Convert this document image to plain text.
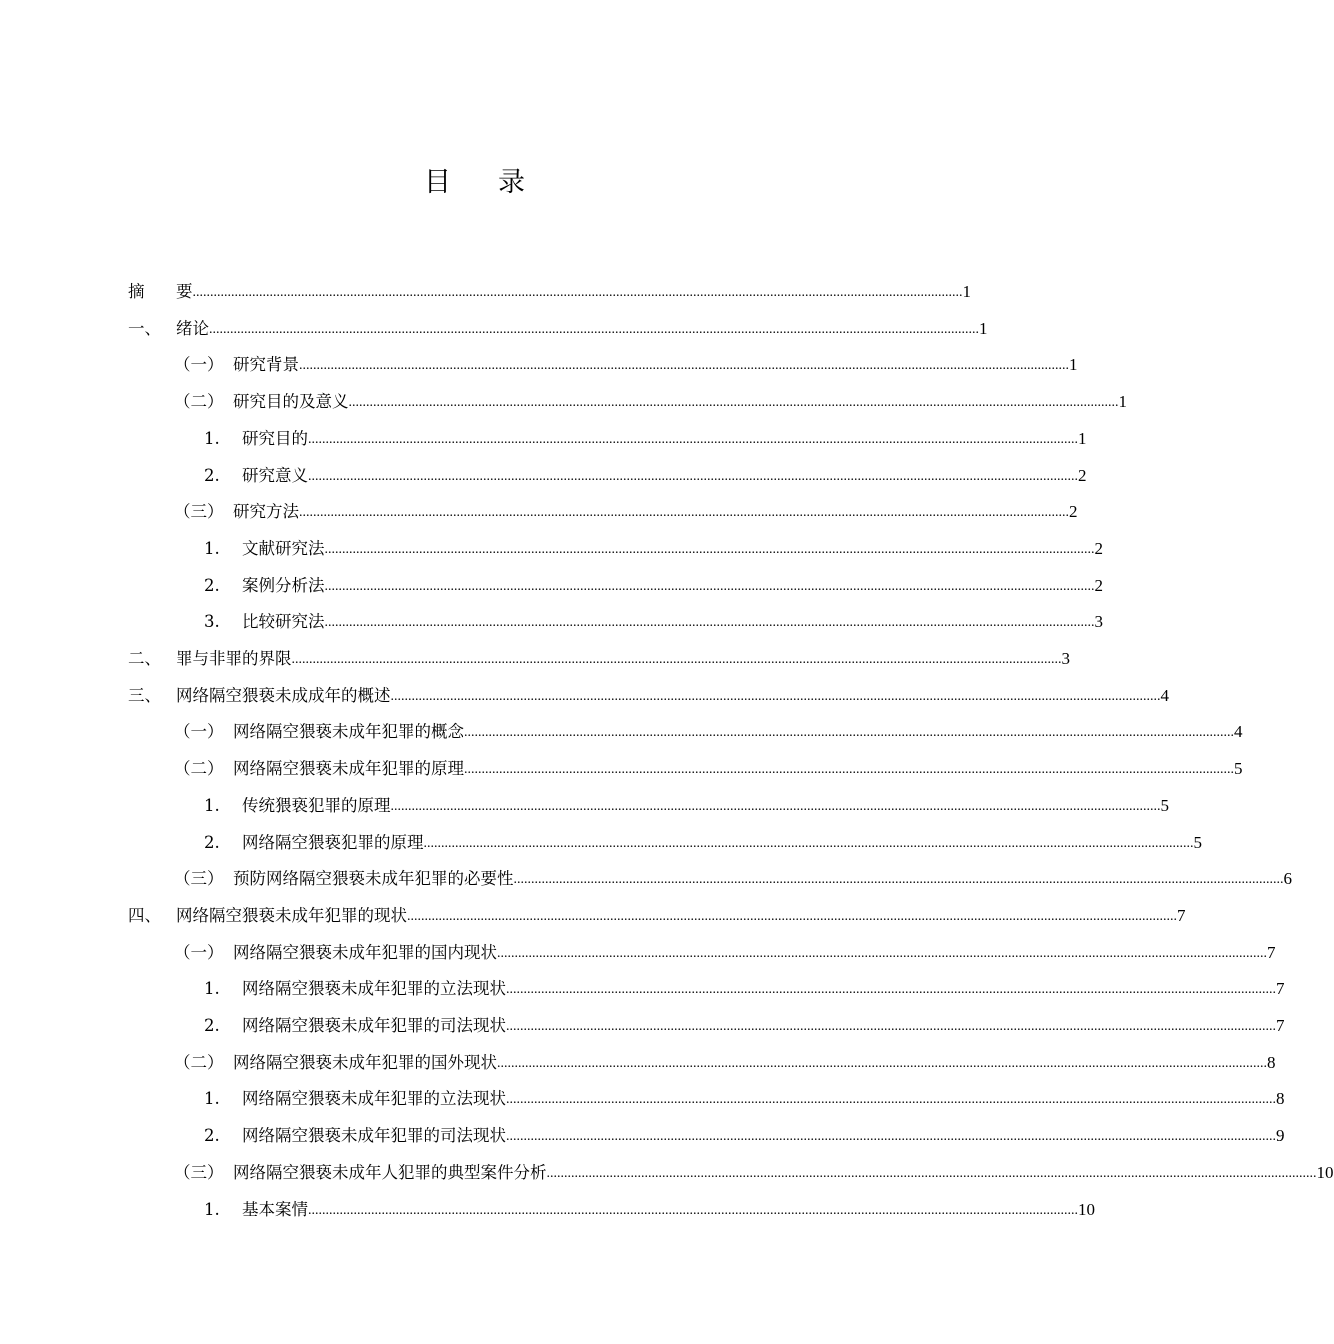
目 录
摘	要 ............................................................................................................................................................................................................................ 1
一、 绪论 ............................................................................................................................................................................................................................ 1
（一） 研究背景 ............................................................................................................................................................................................................................ 1
（二） 研究目的及意义 ............................................................................................................................................................................................................................ 1
1.	研究目的 ............................................................................................................................................................................................................................ 1
2.	研究意义 ............................................................................................................................................................................................................................ 2
（三） 研究方法 ............................................................................................................................................................................................................................ 2
1.	文献研究法 ............................................................................................................................................................................................................................ 2
2.	案例分析法 ............................................................................................................................................................................................................................ 2
3.	比较研究法 ............................................................................................................................................................................................................................ 3
二、 罪与非罪的界限 ............................................................................................................................................................................................................................ 3
三、 网络隔空猥亵未成成年的概述 ............................................................................................................................................................................................................................ 4
（一） 网络隔空猥亵未成年犯罪的概念 ............................................................................................................................................................................................................................ 4
（二） 网络隔空猥亵未成年犯罪的原理 ............................................................................................................................................................................................................................ 5
1.	传统猥亵犯罪的原理 ............................................................................................................................................................................................................................ 5
2.	网络隔空猥亵犯罪的原理 ............................................................................................................................................................................................................................ 5
（三） 预防网络隔空猥亵未成年犯罪的必要性 ............................................................................................................................................................................................................................ 6
四、 网络隔空猥亵未成年犯罪的现状 ............................................................................................................................................................................................................................ 7
（一） 网络隔空猥亵未成年犯罪的国内现状 ............................................................................................................................................................................................................................ 7
1.	网络隔空猥亵未成年犯罪的立法现状 ............................................................................................................................................................................................................................ 7
2.	网络隔空猥亵未成年犯罪的司法现状 ............................................................................................................................................................................................................................ 7
（二） 网络隔空猥亵未成年犯罪的国外现状 ............................................................................................................................................................................................................................ 8
1.	网络隔空猥亵未成年犯罪的立法现状 ............................................................................................................................................................................................................................ 8
2.	网络隔空猥亵未成年犯罪的司法现状 ............................................................................................................................................................................................................................ 9
（三） 网络隔空猥亵未成年人犯罪的典型案件分析 ............................................................................................................................................................................................................................ 10
1.	基本案情 ............................................................................................................................................................................................................................ 10
